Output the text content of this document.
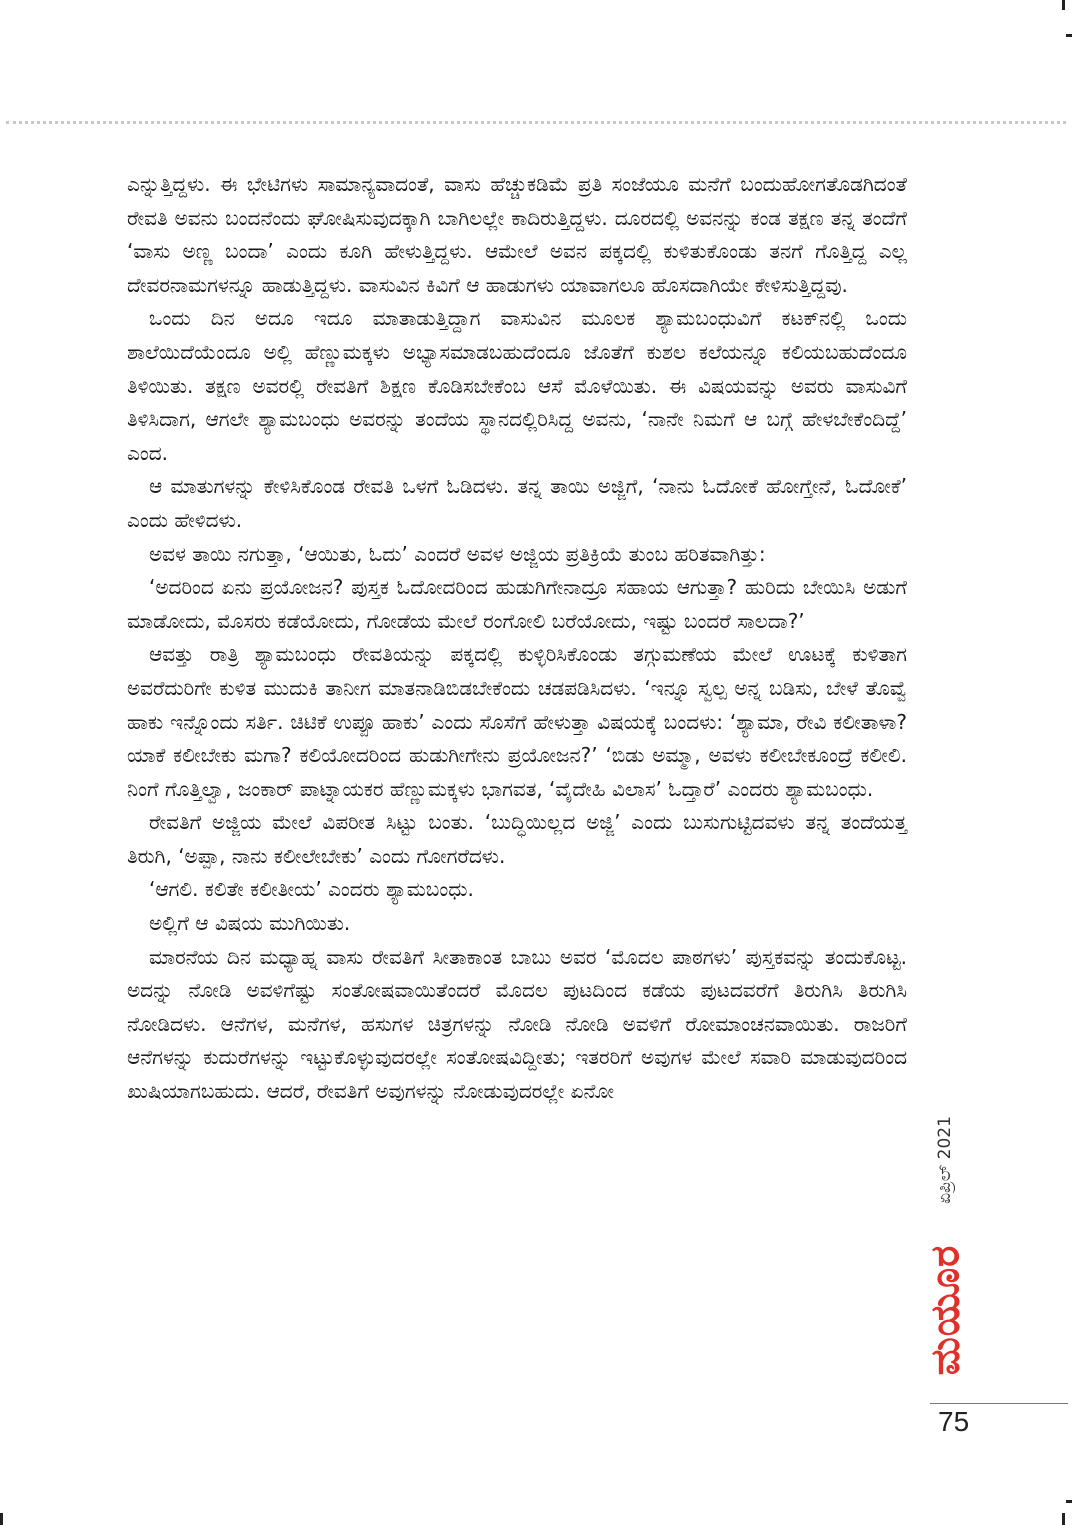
ಎನ್ನುತ್ತಿದ್ದಳು. ಈ ಭೇಟಿಗಳು ಸಾಮಾನ್ಯವಾದಂತೆ, ವಾಸು ಹೆಚ್ಚುಕಡಿಮೆ ಪ್ರತಿ ಸಂಜೆಯೂ ಮನೆಗೆ ಬಂದುಹೋಗತೊಡಗಿದಂತೆ ರೇವತಿ ಅವನು ಬಂದನೆಂದು ಘೋಷಿಸುವುದಕ್ಕಾಗಿ ಬಾಗಿಲಲ್ಲೇ ಕಾದಿರುತ್ತಿದ್ದಳು. ದೂರದಲ್ಲಿ ಅವನನ್ನು ಕಂಡ ತಕ್ಷಣ ತನ್ನ ತಂದೆಗೆ ‘ವಾಸು ಅಣ್ಣ ಬಂದಾ’ ಎಂದು ಕೂಗಿ ಹೇಳುತ್ತಿದ್ದಳು. ಆಮೇಲೆ ಅವನ ಪಕ್ಕದಲ್ಲಿ ಕುಳಿತುಕೊಂಡು ತನಗೆ ಗೊತ್ತಿದ್ದ ಎಲ್ಲ ದೇವರನಾಮಗಳನ್ನೂ ಹಾಡುತ್ತಿದ್ದಳು. ವಾಸುವಿನ ಕಿವಿಗೆ ಆ ಹಾಡುಗಳು ಯಾವಾಗಲೂ ಹೊಸದಾಗಿಯೇ ಕೇಳಿಸುತ್ತಿದ್ದವು.

ಒಂದು ದಿನ ಅದೂ ಇದೂ ಮಾತಾಡುತ್ತಿದ್ದಾಗ ವಾಸುವಿನ ಮೂಲಕ ಶ್ಯಾಮಬಂಧುವಿಗೆ ಕಟಕ್‌ನಲ್ಲಿ ಒಂದು ಶಾಲೆಯಿದೆಯೆಂದೂ ಅಲ್ಲಿ ಹೆಣ್ಣುಮಕ್ಕಳು ಅಭ್ಯಾಸಮಾಡಬಹುದೆಂದೂ ಜೊತೆಗೆ ಕುಶಲ ಕಲೆಯನ್ನೂ ಕಲಿಯಬಹುದೆಂದೂ ತಿಳಿಯಿತು. ತಕ್ಷಣ ಅವರಲ್ಲಿ ರೇವತಿಗೆ ಶಿಕ್ಷಣ ಕೊಡಿಸಬೇಕೆಂಬ ಆಸೆ ಮೊಳೆಯಿತು. ಈ ವಿಷಯವನ್ನು ಅವರು ವಾಸುವಿಗೆ ತಿಳಿಸಿದಾಗ, ಆಗಲೇ ಶ್ಯಾಮಬಂಧು ಅವರನ್ನು ತಂದೆಯ ಸ್ಥಾನದಲ್ಲಿರಿಸಿದ್ದ ಅವನು, ‘ನಾನೇ ನಿಮಗೆ ಆ ಬಗ್ಗೆ ಹೇಳಬೇಕೆಂದಿದ್ದೆ’ ಎಂದ.

ಆ ಮಾತುಗಳನ್ನು ಕೇಳಿಸಿಕೊಂಡ ರೇವತಿ ಒಳಗೆ ಓಡಿದಳು. ತನ್ನ ತಾಯಿ ಅಜ್ಜಿಗೆ, ‘ನಾನು ಓದೋಕೆ ಹೋಗ್ತೇನೆ, ಓದೋಕೆ’ ಎಂದು ಹೇಳಿದಳು.

ಅವಳ ತಾಯಿ ನಗುತ್ತಾ, ‘ಆಯಿತು, ಓದು’ ಎಂದರೆ ಅವಳ ಅಜ್ಜಿಯ ಪ್ರತಿಕ್ರಿಯೆ ತುಂಬ ಹರಿತವಾಗಿತ್ತು:

‘ಅದರಿಂದ ಏನು ಪ್ರಯೋಜನ? ಪುಸ್ತಕ ಓದೋದರಿಂದ ಹುಡುಗಿಗೇನಾದ್ರೂ ಸಹಾಯ ಆಗುತ್ತಾ? ಹುರಿದು ಬೇಯಿಸಿ ಅಡುಗೆ ಮಾಡೋದು, ಮೊಸರು ಕಡೆಯೋದು, ಗೋಡೆಯ ಮೇಲೆ ರಂಗೋಲಿ ಬರೆಯೋದು, ಇಷ್ಟು ಬಂದರೆ ಸಾಲದಾ?’

ಆವತ್ತು ರಾತ್ರಿ ಶ್ಯಾಮಬಂಧು ರೇವತಿಯನ್ನು ಪಕ್ಕದಲ್ಲಿ ಕುಳ್ಳಿರಿಸಿಕೊಂಡು ತಗ್ಗುಮಣೆಯ ಮೇಲೆ ಊಟಕ್ಕೆ ಕುಳಿತಾಗ ಅವರೆದುರಿಗೇ ಕುಳಿತ ಮುದುಕಿ ತಾನೀಗ ಮಾತನಾಡಿಬಿಡಬೇಕೆಂದು ಚಡಪಡಿಸಿದಳು. ‘ಇನ್ನೂ ಸ್ವಲ್ಪ ಅನ್ನ ಬಡಿಸು, ಬೇಳೆ ತೊವ್ವೆ ಹಾಕು ಇನ್ನೊಂದು ಸರ್ತಿ. ಚಿಟಿಕೆ ಉಪ್ಪೂ ಹಾಕು’ ಎಂದು ಸೊಸೆಗೆ ಹೇಳುತ್ತಾ ವಿಷಯಕ್ಕೆ ಬಂದಳು: ‘ಶ್ಯಾಮಾ, ರೇವಿ ಕಲೀತಾಳಾ? ಯಾಕೆ ಕಲೀಬೇಕು ಮಗಾ? ಕಲಿಯೋದರಿಂದ ಹುಡುಗೀಗೇನು ಪ್ರಯೋಜನ?’ ‘ಬಿಡು ಅಮ್ಮಾ, ಅವಳು ಕಲೀಬೇಕೂಂದ್ರೆ ಕಲೀಲಿ. ನಿಂಗೆ ಗೊತ್ತಿಲ್ವಾ, ಜಂಕಾರ್ ಪಾಟ್ನಾಯಕರ ಹೆಣ್ಣುಮಕ್ಕಳು ಭಾಗವತ, ‘ವೈದೇಹಿ ವಿಲಾಸ’ ಓದ್ತಾರೆ’ ಎಂದರು ಶ್ಯಾಮಬಂಧು.

ರೇವತಿಗೆ ಅಜ್ಜಿಯ ಮೇಲೆ ವಿಪರೀತ ಸಿಟ್ಟು ಬಂತು. ‘ಬುದ್ಧಿಯಿಲ್ಲದ ಅಜ್ಜಿ’ ಎಂದು ಬುಸುಗುಟ್ಟಿದವಳು ತನ್ನ ತಂದೆಯತ್ತ ತಿರುಗಿ, ‘ಅಪ್ಪಾ, ನಾನು ಕಲೀಲೇಬೇಕು’ ಎಂದು ಗೋಗರೆದಳು.

‘ಆಗಲಿ. ಕಲಿತೇ ಕಲೀತೀಯ’ ಎಂದರು ಶ್ಯಾಮಬಂಧು.

ಅಲ್ಲಿಗೆ ಆ ವಿಷಯ ಮುಗಿಯಿತು.

ಮಾರನೆಯ ದಿನ ಮಧ್ಯಾಹ್ನ ವಾಸು ರೇವತಿಗೆ ಸೀತಾಕಾಂತ ಬಾಬು ಅವರ ‘ಮೊದಲ ಪಾಠಗಳು’ ಪುಸ್ತಕವನ್ನು ತಂದುಕೊಟ್ಟ. ಅದನ್ನು ನೋಡಿ ಅವಳಿಗೆಷ್ಟು ಸಂತೋಷವಾಯಿತೆಂದರೆ ಮೊದಲ ಪುಟದಿಂದ ಕಡೆಯ ಪುಟದವರೆಗೆ ತಿರುಗಿಸಿ ತಿರುಗಿಸಿ ನೋಡಿದಳು. ಆನೆಗಳ, ಮನೆಗಳ, ಹಸುಗಳ ಚಿತ್ರಗಳನ್ನು ನೋಡಿ ನೋಡಿ ಅವಳಿಗೆ ರೋಮಾಂಚನವಾಯಿತು. ರಾಜರಿಗೆ ಆನೆಗಳನ್ನು ಕುದುರೆಗಳನ್ನು ಇಟ್ಟುಕೊಳ್ಳುವುದರಲ್ಲೇ ಸಂತೋಷವಿದ್ದೀತು; ಇತರರಿಗೆ ಅವುಗಳ ಮೇಲೆ ಸವಾರಿ ಮಾಡುವುದರಿಂದ ಖುಷಿಯಾಗಬಹುದು. ಆದರೆ, ರೇವತಿಗೆ ಅವುಗಳನ್ನು ನೋಡುವುದರಲ್ಲೇ ಏನೋ

ಏಪ್ರಿಲ್ 2021
ಮಯೂರ
75
